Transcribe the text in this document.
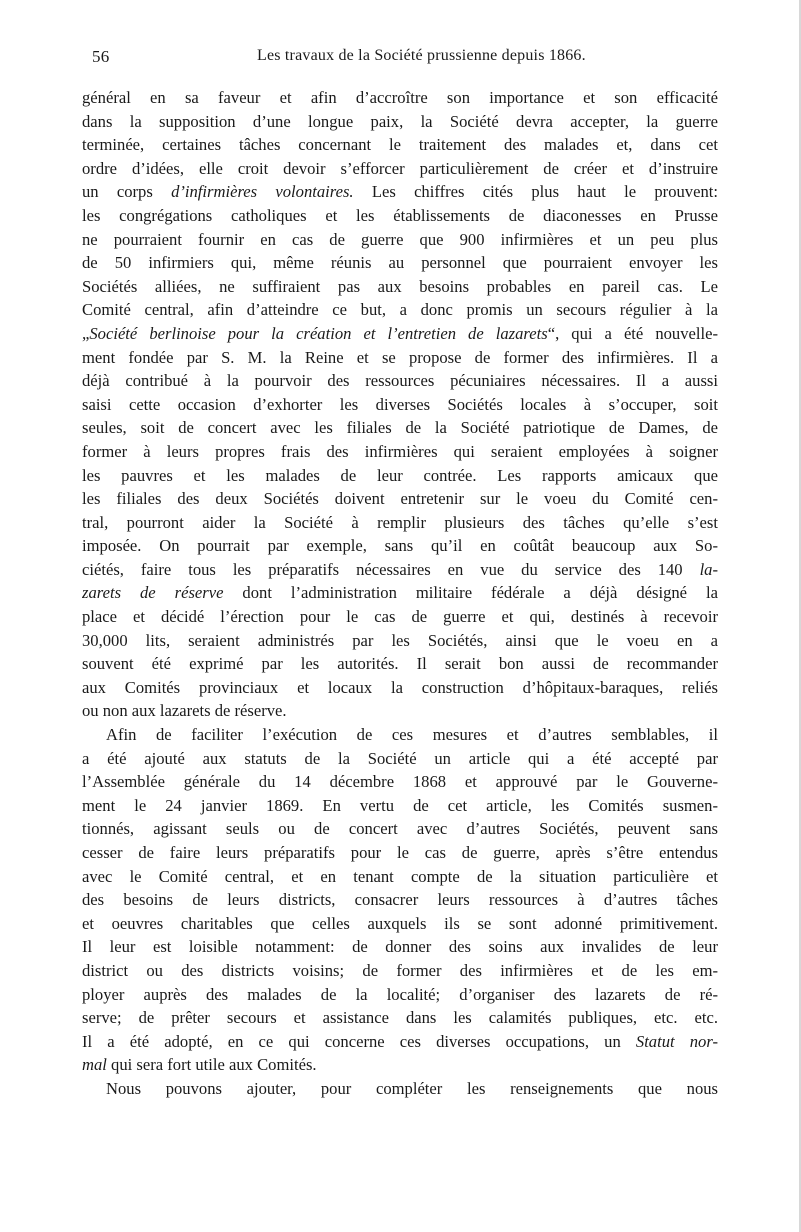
56	Les travaux de la Société prussienne depuis 1866.
général en sa faveur et afin d’accroître son importance et son efficacité
dans la supposition d’une longue paix, la Société devra accepter, la guerre
terminée, certaines tâches concernant le traitement des malades et, dans cet
ordre d’idées, elle croit devoir s’efforcer particulièrement de créer et d’instruire
un corps d’infirmières volontaires. Les chiffres cités plus haut le prouvent:
les congrégations catholiques et les établissements de diaconesses en Prusse
ne pourraient fournir en cas de guerre que 900 infirmières et un peu plus
de 50 infirmiers qui, même réunis au personnel que pourraient envoyer les
Sociétés alliées, ne suffiraient pas aux besoins probables en pareil cas. Le
Comité central, afin d’atteindre ce but, a donc promis un secours régulier à la
„Société berlinoise pour la création et l’entretien de lazarets“, qui a été nouvelle-
ment fondée par S. M. la Reine et se propose de former des infirmières. Il a
déjà contribué à la pourvoir des ressources pécuniaires nécessaires. Il a aussi
saisi cette occasion d’exhorter les diverses Sociétés locales à s’occuper, soit
seules, soit de concert avec les filiales de la Société patriotique de Dames, de
former à leurs propres frais des infirmières qui seraient employées à soigner
les pauvres et les malades de leur contrée. Les rapports amicaux que
les filiales des deux Sociétés doivent entretenir sur le voeu du Comité cen-
tral, pourront aider la Société à remplir plusieurs des tâches qu’elle s’est
imposée. On pourrait par exemple, sans qu’il en coûtât beaucoup aux So-
ciétés, faire tous les préparatifs nécessaires en vue du service des 140 la-
zarets de réserve dont l’administration militaire fédérale a déjà désigné la
place et décidé l’érection pour le cas de guerre et qui, destinés à recevoir
30,000 lits, seraient administrés par les Sociétés, ainsi que le voeu en a
souvent été exprimé par les autorités. Il serait bon aussi de recommander
aux Comités provinciaux et locaux la construction d’hôpitaux-baraques, reliés
ou non aux lazarets de réserve.
Afin de faciliter l’exécution de ces mesures et d’autres semblables, il
a été ajouté aux statuts de la Société un article qui a été accepté par
l’Assemblée générale du 14 décembre 1868 et approuvé par le Gouverne-
ment le 24 janvier 1869. En vertu de cet article, les Comités susmen-
tionnés, agissant seuls ou de concert avec d’autres Sociétés, peuvent sans
cesser de faire leurs préparatifs pour le cas de guerre, après s’être entendus
avec le Comité central, et en tenant compte de la situation particulière et
des besoins de leurs districts, consacrer leurs ressources à d’autres tâches
et oeuvres charitables que celles auxquels ils se sont adonné primitivement.
Il leur est loisible notamment: de donner des soins aux invalides de leur
district ou des districts voisins; de former des infirmières et de les em-
ployer auprès des malades de la localité; d’organiser des lazarets de ré-
serve; de prêter secours et assistance dans les calamités publiques, etc. etc.
Il a été adopté, en ce qui concerne ces diverses occupations, un Statut nor-
mal qui sera fort utile aux Comités.
Nous pouvons ajouter, pour compléter les renseignements que nous
